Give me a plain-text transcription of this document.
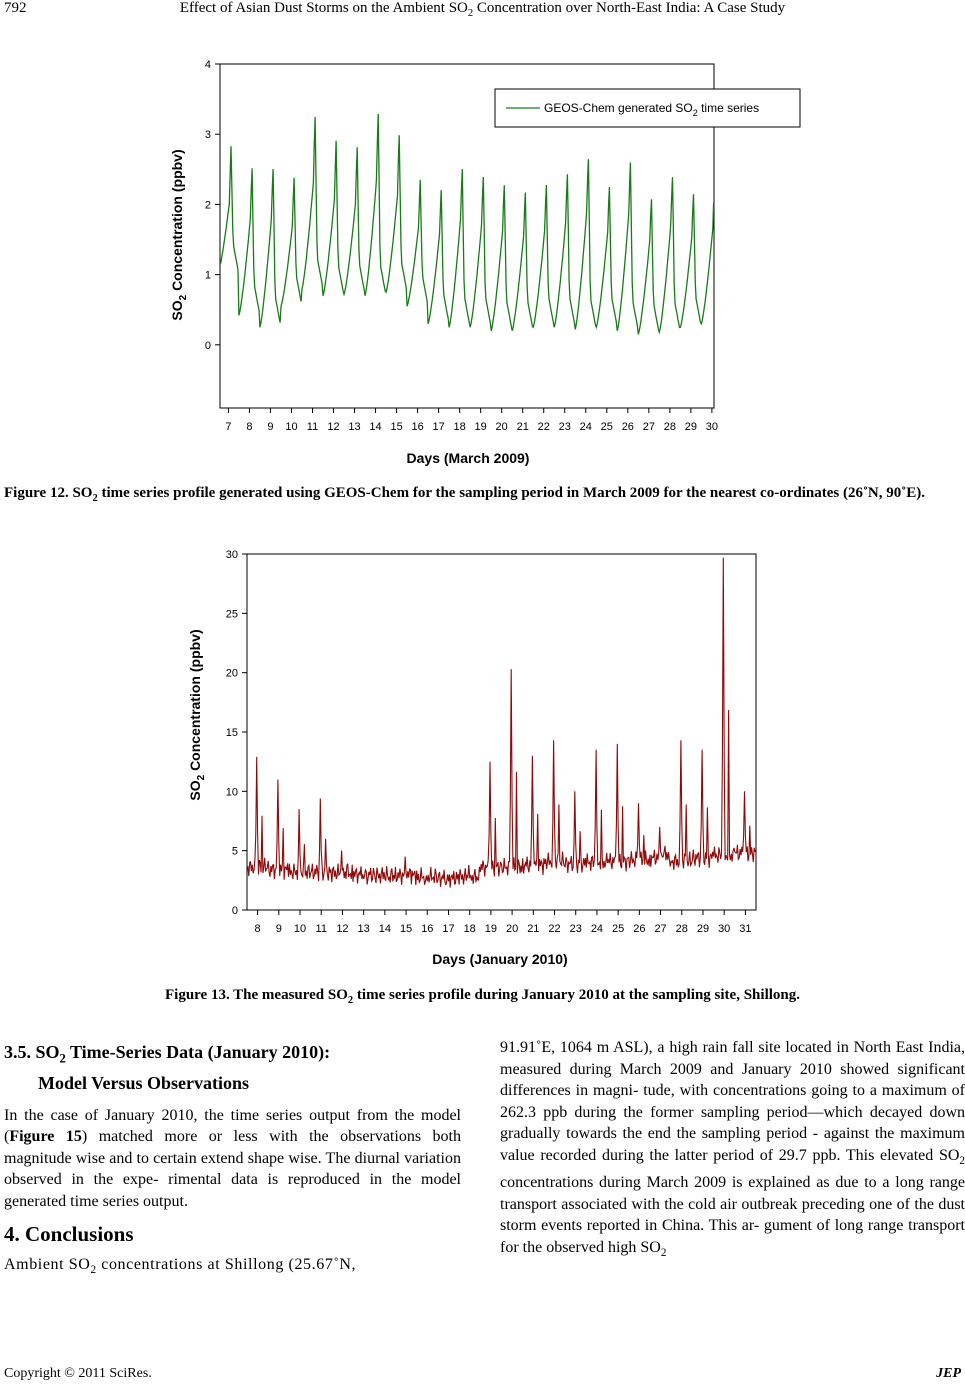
792	Effect of Asian Dust Storms on the Ambient $SO_2$ Concentration over North-East India: A Case Study
0
1
2
3
4
7 8 9 10 11 12 13 14 15 16 17 18 19 20 21 22 23 24 25 26 27 28 29 30
$SO_2$ Concentration (ppbv)
Days (March 2009)
GEOS-Chem generated $SO_2$ time series
Figure 12. $SO_2$ time series profile generated using GEOS-Chem for the sampling period in March 2009 for the nearest co-ordinates (26˚N, 90˚E).
0
5
10
15
20
25
30
8 9 10 11 12 13 14 15 16 17 18 19 20 21 22 23 24 25 26 27 28 29 30 31
$SO_2$ Concentration (ppbv)
Days (January 2010)
Figure 13. The measured $SO_2$ time series profile during January 2010 at the sampling site, Shillong.
3.5. $SO_2$ Time-Series Data (January 2010):
Model Versus Observations

In the case of January 2010, the time series output from the model (Figure 15) matched more or less with the observations both magnitude wise and to certain extend shape wise. The diurnal variation observed in the expe- rimental data is reproduced in the model generated time series output.

4. Conclusions

Ambient $SO_2$ concentrations at Shillong (25.67˚N,

91.91˚E, 1064 m ASL), a high rain fall site located in North East India, measured during March 2009 and January 2010 showed significant differences in magni- tude, with concentrations going to a maximum of 262.3 ppb during the former sampling period—which decayed down gradually towards the end the sampling period - against the maximum value recorded during the latter period of 29.7 ppb. This elevated $SO_2$ concentrations during March 2009 is explained as due to a long range transport associated with the cold air outbreak preceding one of the dust storm events reported in China. This ar- gument of long range transport for the observed high $SO_2$

Copyright © 2011 SciRes.	JEP
